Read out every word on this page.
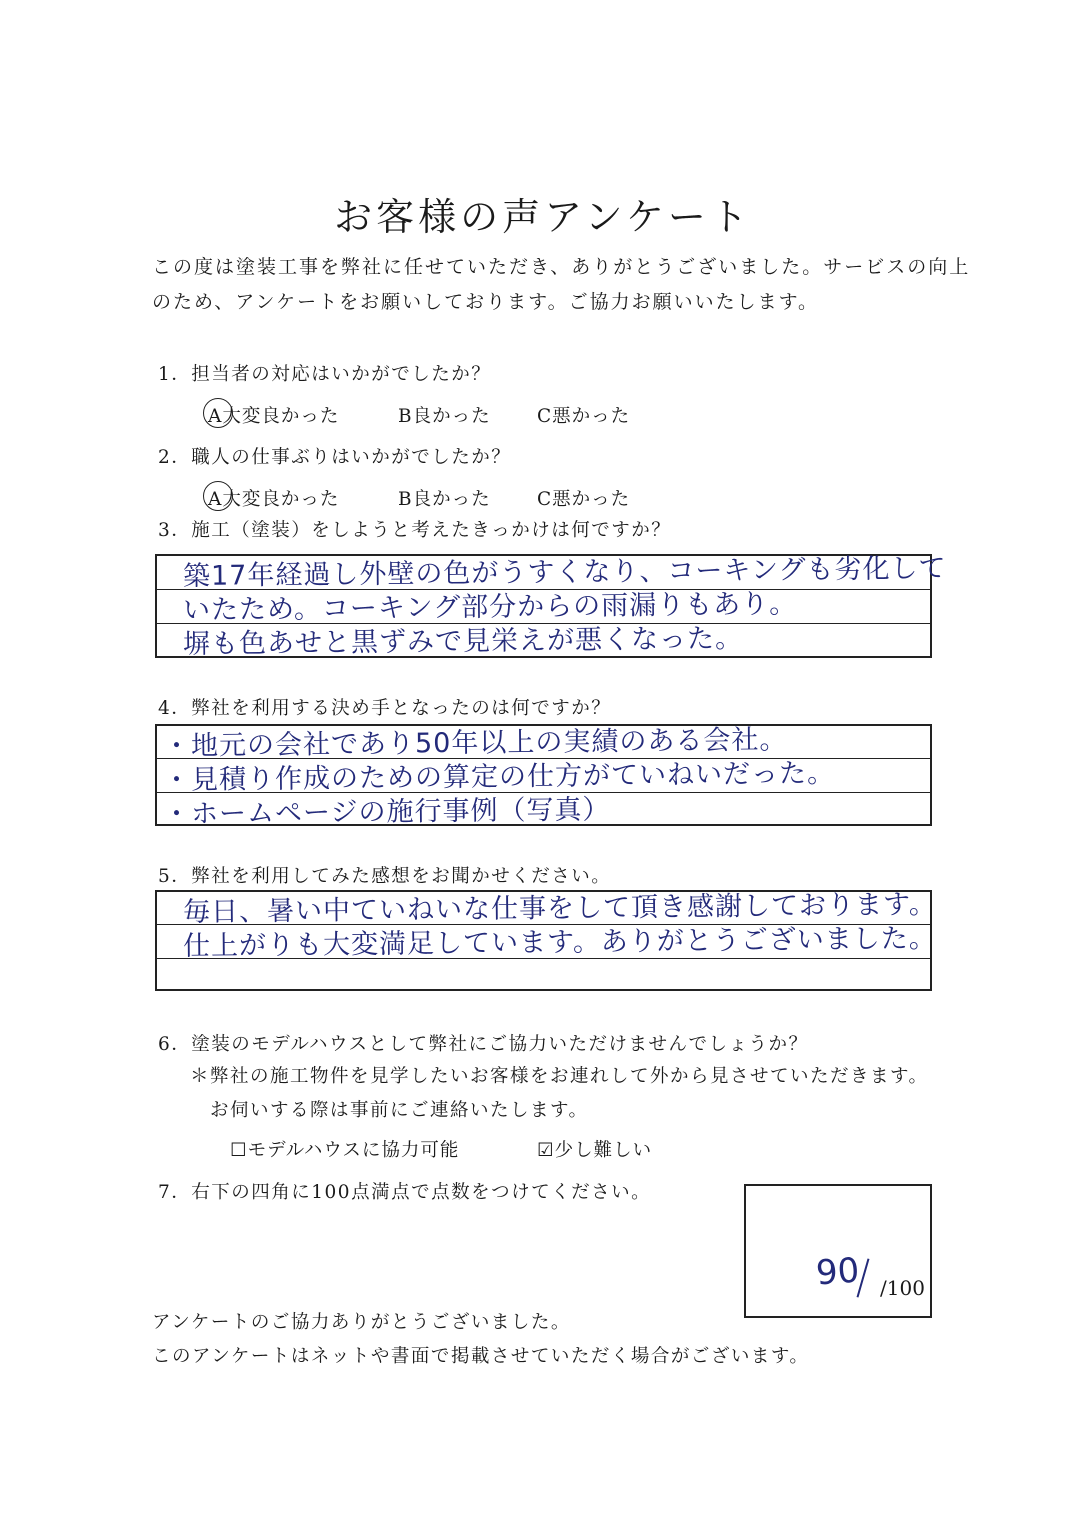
お客様の声アンケート
この度は塗装工事を弊社に任せていただき、ありがとうございました。サービスの向上
のため、アンケートをお願いしております。ご協力お願いいたします。
1．担当者の対応はいかがでしたか？
A大変良かった	B良かった	C悪かった
2．職人の仕事ぶりはいかがでしたか？
A大変良かった	B良かった	C悪かった
3．施工（塗装）をしようと考えたきっかけは何ですか？
築17年経過し外壁の色がうすくなり、コーキングも劣化して
いたため。コーキング部分からの雨漏りもあり。
塀も色あせと黒ずみで見栄えが悪くなった。
4．弊社を利用する決め手となったのは何ですか？
・地元の会社であり50年以上の実績のある会社。
・見積り作成のための算定の仕方がていねいだった。
・ホームページの施行事例（写真）
5．弊社を利用してみた感想をお聞かせください。
毎日、暑い中ていねいな仕事をして頂き感謝しております。
仕上がりも大変満足しています。ありがとうございました。
6．塗装のモデルハウスとして弊社にご協力いただけませんでしょうか？
＊弊社の施工物件を見学したいお客様をお連れして外から見させていただきます。
お伺いする際は事前にご連絡いたします。
☐モデルハウスに協力可能	☑少し難しい
7．右下の四角に100点満点で点数をつけてください。
90 /100
アンケートのご協力ありがとうございました。
このアンケートはネットや書面で掲載させていただく場合がございます。
